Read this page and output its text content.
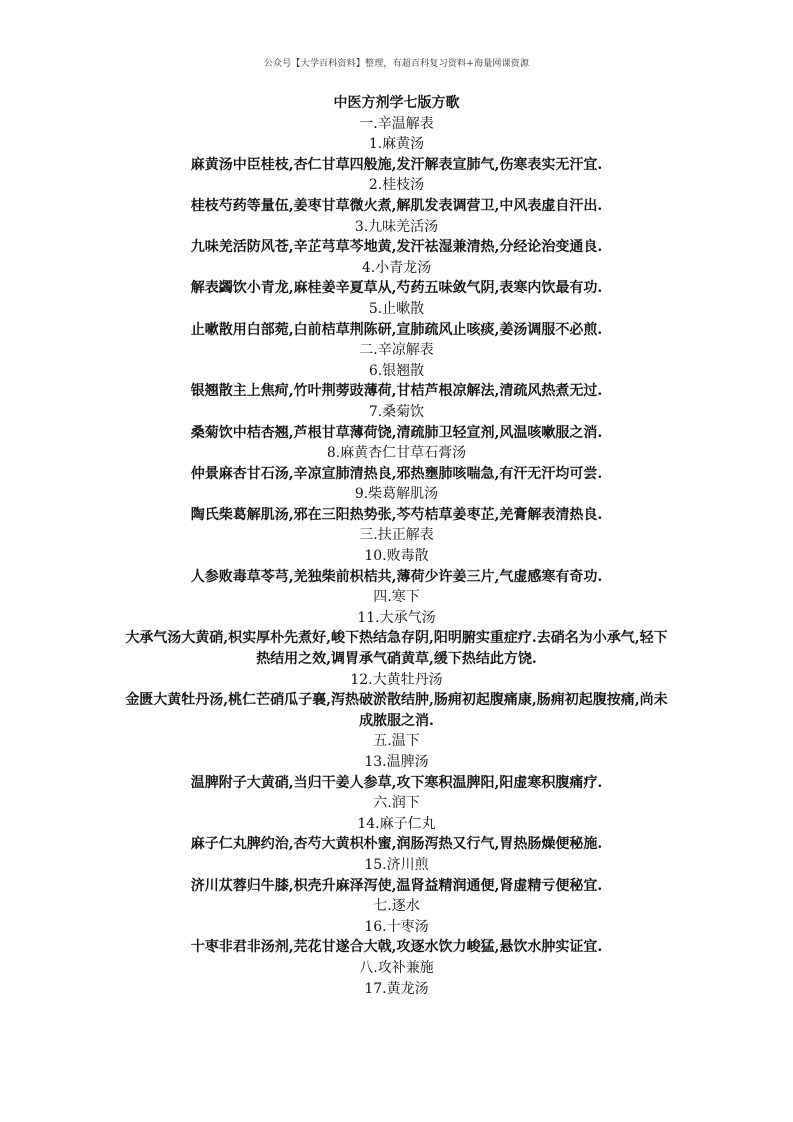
公众号【大学百科资料】整理，有超百科复习资料+海量网课资源
中医方剂学七版方歌
一.辛温解表
1.麻黄汤
麻黄汤中臣桂枝,杏仁甘草四般施,发汗解表宣肺气,伤寒表实无汗宜.
2.桂枝汤
桂枝芍药等量伍,姜枣甘草微火煮,解肌发表调营卫,中风表虚自汗出.
3.九味羌活汤
九味羌活防风苍,辛芷芎草芩地黄,发汗祛湿兼清热,分经论治变通良.
4.小青龙汤
解表蠲饮小青龙,麻桂姜辛夏草从,芍药五味敛气阴,表寒内饮最有功.
5.止嗽散
止嗽散用白部菀,白前桔草荆陈研,宣肺疏风止咳痰,姜汤调服不必煎.
二.辛凉解表
6.银翘散
银翘散主上焦疴,竹叶荆蒡豉薄荷,甘桔芦根凉解法,清疏风热煮无过.
7.桑菊饮
桑菊饮中桔杏翘,芦根甘草薄荷饶,清疏肺卫轻宣剂,风温咳嗽服之消.
8.麻黄杏仁甘草石膏汤
仲景麻杏甘石汤,辛凉宣肺清热良,邪热壅肺咳喘急,有汗无汗均可尝.
9.柴葛解肌汤
陶氏柴葛解肌汤,邪在三阳热势张,芩芍桔草姜枣芷,羌膏解表清热良.
三.扶正解表
10.败毒散
人参败毒草苓芎,羌独柴前枳桔共,薄荷少许姜三片,气虚感寒有奇功.
四.寒下
11.大承气汤
大承气汤大黄硝,枳实厚朴先煮好,峻下热结急存阴,阳明腑实重症疗.去硝名为小承气,轻下热结用之效,调胃承气硝黄草,缓下热结此方饶.
12.大黄牡丹汤
金匮大黄牡丹汤,桃仁芒硝瓜子襄,泻热破淤散结肿,肠痈初起腹痛康,肠痈初起腹按痛,尚未成脓服之消.
五.温下
13.温脾汤
温脾附子大黄硝,当归干姜人参草,攻下寒积温脾阳,阳虚寒积腹痛疗.
六.润下
14.麻子仁丸
麻子仁丸脾约治,杏芍大黄枳朴蜜,润肠泻热又行气,胃热肠燥便秘施.
15.济川煎
济川苁蓉归牛膝,枳壳升麻泽泻使,温肾益精润通便,肾虚精亏便秘宜.
七.逐水
16.十枣汤
十枣非君非汤剂,芫花甘遂合大戟,攻逐水饮力峻猛,悬饮水肿实证宜.
八.攻补兼施
17.黄龙汤
